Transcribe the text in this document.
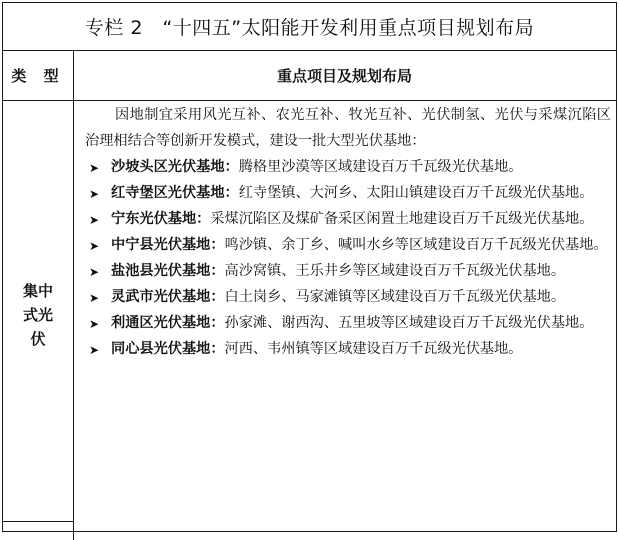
专栏 2　“十四五”太阳能开发利用重点项目规划布局
类 型	重点项目及规划布局
集中式光伏
因地制宜采用风光互补、农光互补、牧光互补、光伏制氢、光伏与采煤沉陷区治理相结合等创新开发模式，建设一批大型光伏基地：
➤ 沙坡头区光伏基地：腾格里沙漠等区域建设百万千瓦级光伏基地。
➤ 红寺堡区光伏基地：红寺堡镇、大河乡、太阳山镇建设百万千瓦级光伏基地。
➤ 宁东光伏基地：采煤沉陷区及煤矿备采区闲置土地建设百万千瓦级光伏基地。
➤ 中宁县光伏基地：鸣沙镇、余丁乡、喊叫水乡等区域建设百万千瓦级光伏基地。
➤ 盐池县光伏基地：高沙窝镇、王乐井乡等区域建设百万千瓦级光伏基地。
➤ 灵武市光伏基地：白土岗乡、马家滩镇等区域建设百万千瓦级光伏基地。
➤ 利通区光伏基地：孙家滩、谢西沟、五里坡等区域建设百万千瓦级光伏基地。
➤ 同心县光伏基地：河西、韦州镇等区域建设百万千瓦级光伏基地。
